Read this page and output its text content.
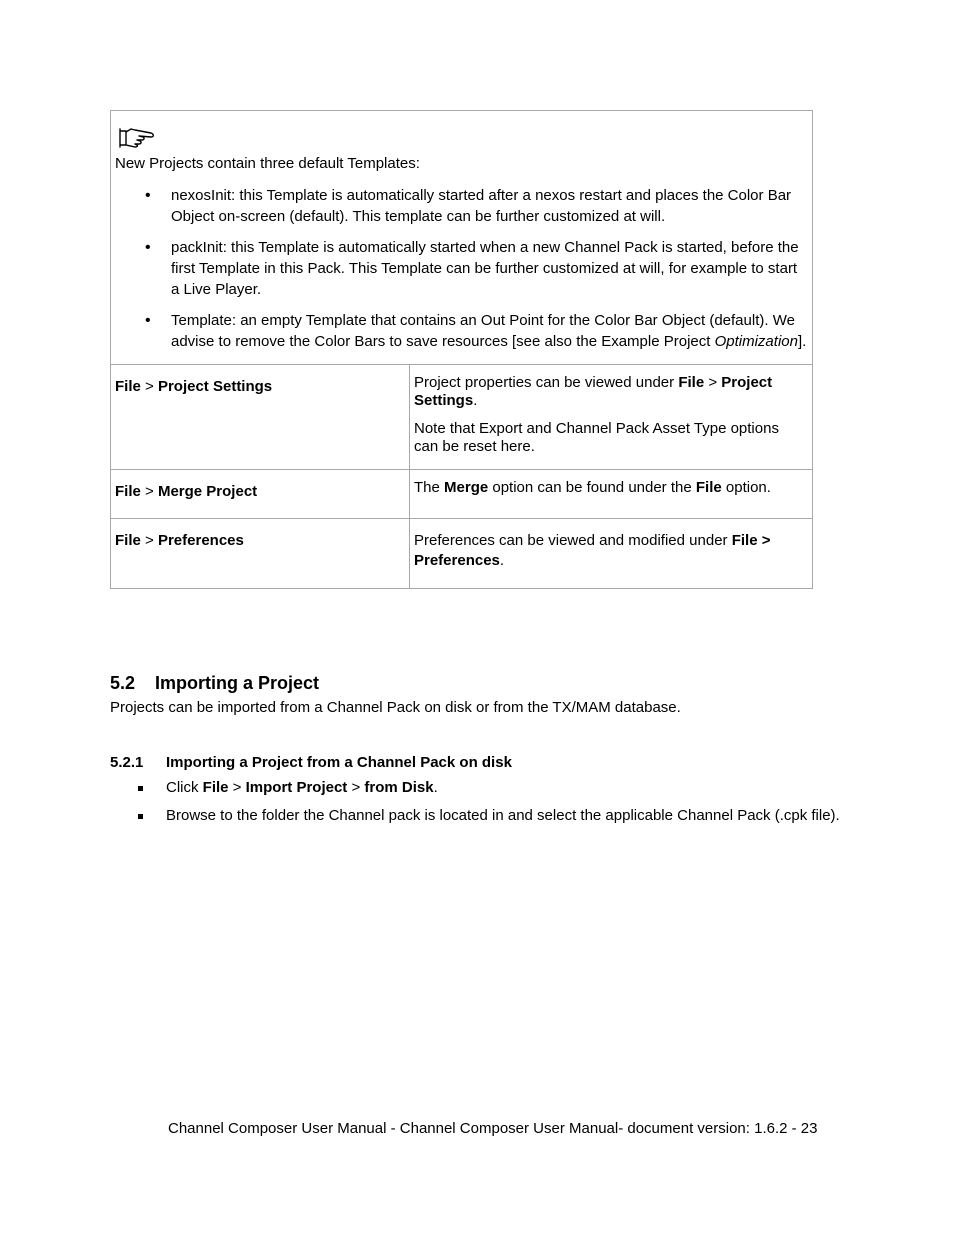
New Projects contain three default Templates:

• nexosInit: this Template is automatically started after a nexos restart and places the Color Bar Object on-screen (default). This template can be further customized at will.
• packInit: this Template is automatically started when a new Channel Pack is started, before the first Template in this Pack. This Template can be further customized at will, for example to start a Live Player.
• Template: an empty Template that contains an Out Point for the Color Bar Object (default). We advise to remove the Color Bars to save resources [see also the Example Project Optimization].
File > Project Settings	Project properties can be viewed under File > Project Settings.

Note that Export and Channel Pack Asset Type options can be reset here.

File > Merge Project	The Merge option can be found under the File option.

File > Preferences	Preferences can be viewed and modified under File > Preferences.

5.2 Importing a Project
Projects can be imported from a Channel Pack on disk or from the TX/MAM database.
5.2.1 Importing a Project from a Channel Pack on disk
Click File > Import Project > from Disk.
Browse to the folder the Channel pack is located in and select the applicable Channel Pack (.cpk file).
Channel Composer User Manual - Channel Composer User Manual- document version: 1.6.2 - 23
